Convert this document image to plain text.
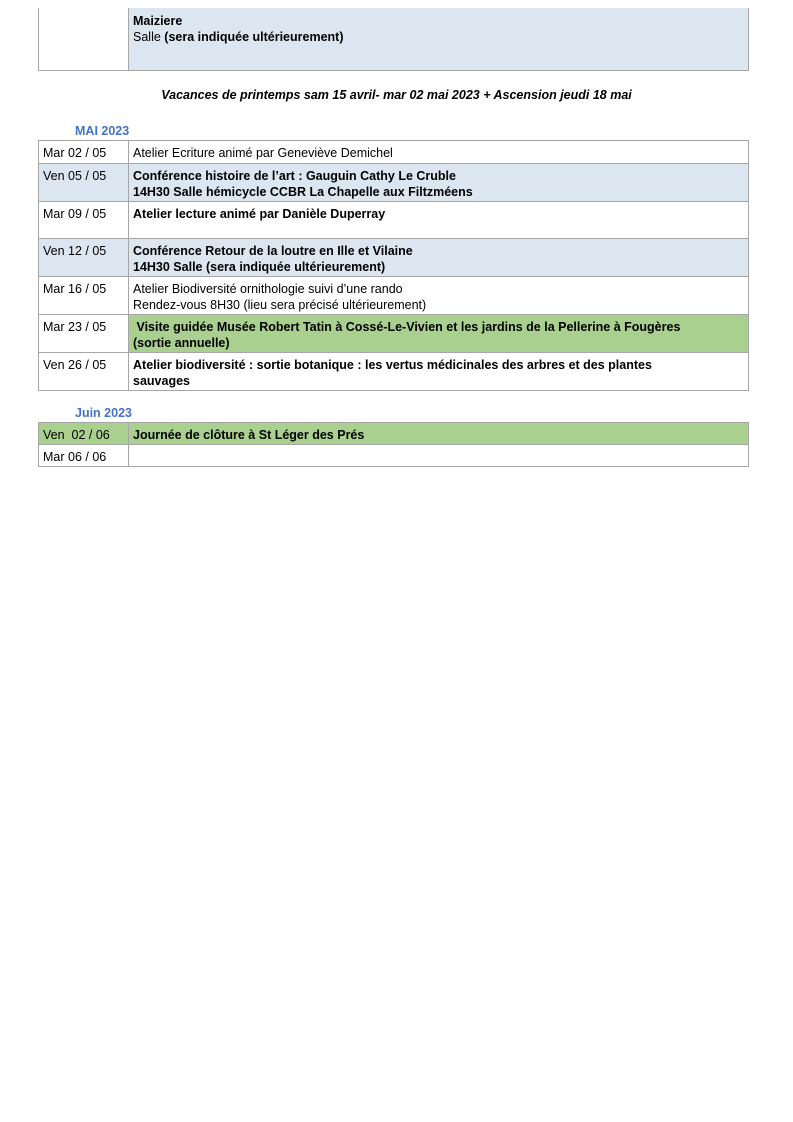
Maiziere
Salle (sera indiquée ultérieurement)
Vacances de printemps sam 15 avril- mar 02 mai 2023 + Ascension jeudi 18 mai
MAI 2023
Mar 02 / 05	Atelier Ecriture animé par Geneviève Demichel

Ven 05 / 05	Conférence histoire de l’art : Gauguin Cathy Le Cruble
14H30 Salle hémicycle CCBR La Chapelle aux Filtzméens

Mar 09 / 05	Atelier lecture animé par Danièle Duperray

Ven 12 / 05	Conférence Retour de la loutre en Ille et Vilaine
14H30 Salle (sera indiquée ultérieurement)

Mar 16 / 05	Atelier Biodiversité ornithologie suivi d’une rando
Rendez-vous 8H30 (lieu sera précisé ultérieurement)

Mar 23 / 05	Visite guidée Musée Robert Tatin à Cossé-Le-Vivien et les jardins de la Pellerine à Fougères
(sortie annuelle)

Ven 26 / 05	Atelier biodiversité : sortie botanique : les vertus médicinales des arbres et des plantes
sauvages
Juin 2023
Ven  02 / 06	Journée de clôture à St Léger des Prés

Mar 06 / 06	
